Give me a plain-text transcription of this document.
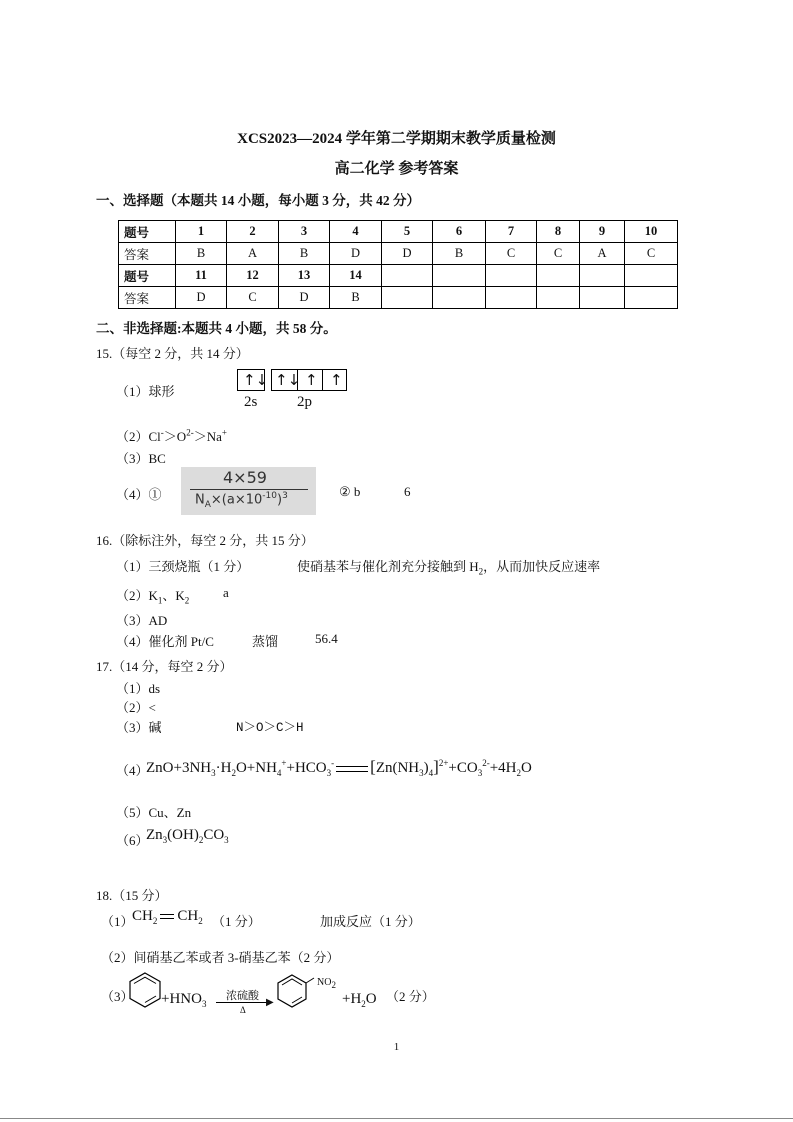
XCS2023—2024 学年第二学期期末教学质量检测
高二化学 参考答案
一、选择题（本题共 14 小题，每小题 3 分，共 42 分）
题号	1	2	3	4	5	6	7	8	9	10
答案	B	A	B	D	D	B	C	C	A	C
题号	11	12	13	14						
答案	D	C	D	B						
二、非选择题:本题共 4 小题，共 58 分。
15.（每空 2 分，共 14 分）
（1）球形
↑↓ ↑↓ ↑ ↑
2s	2p
$(2)Cl^->O^{2-}>Na^+$
（3）BC
（4）①
4×59
$N_A\times(a\times 10^{-10})^3$	② b	6
16.（除标注外，每空 2 分，共 15 分）
（1）三颈烧瓶（1 分）	使硝基苯与催化剂充分接触到 $H_2$，从而加快反应速率
$(2)K_1$、$K_2$
a
（3）AD
（4）催化剂 Pt/C	蒸馏	56.4
17.（14 分，每空 2 分）
（1）ds
（2）<
（3）碱	N＞O＞C＞H
（4）
$ZnO+3NH_3\cdot H_2O+NH_4^++HCO_3^-$ $[Zn(NH_3)_4]^{2+}+CO_3^{2-}+4H_2O$
（5）Cu、Zn
（6）
$Zn_3(OH)_2CO_3$
18.（15 分）
（1）
$CH_2$ $CH_2$ （1 分）	加成反应（1 分）
（2）间硝基乙苯或者 3-硝基乙苯（2 分）
$(3) +HNO_3$
浓硫酸
▶
Δ
$NO_2$
$+H_2O$ （2 分）
1
